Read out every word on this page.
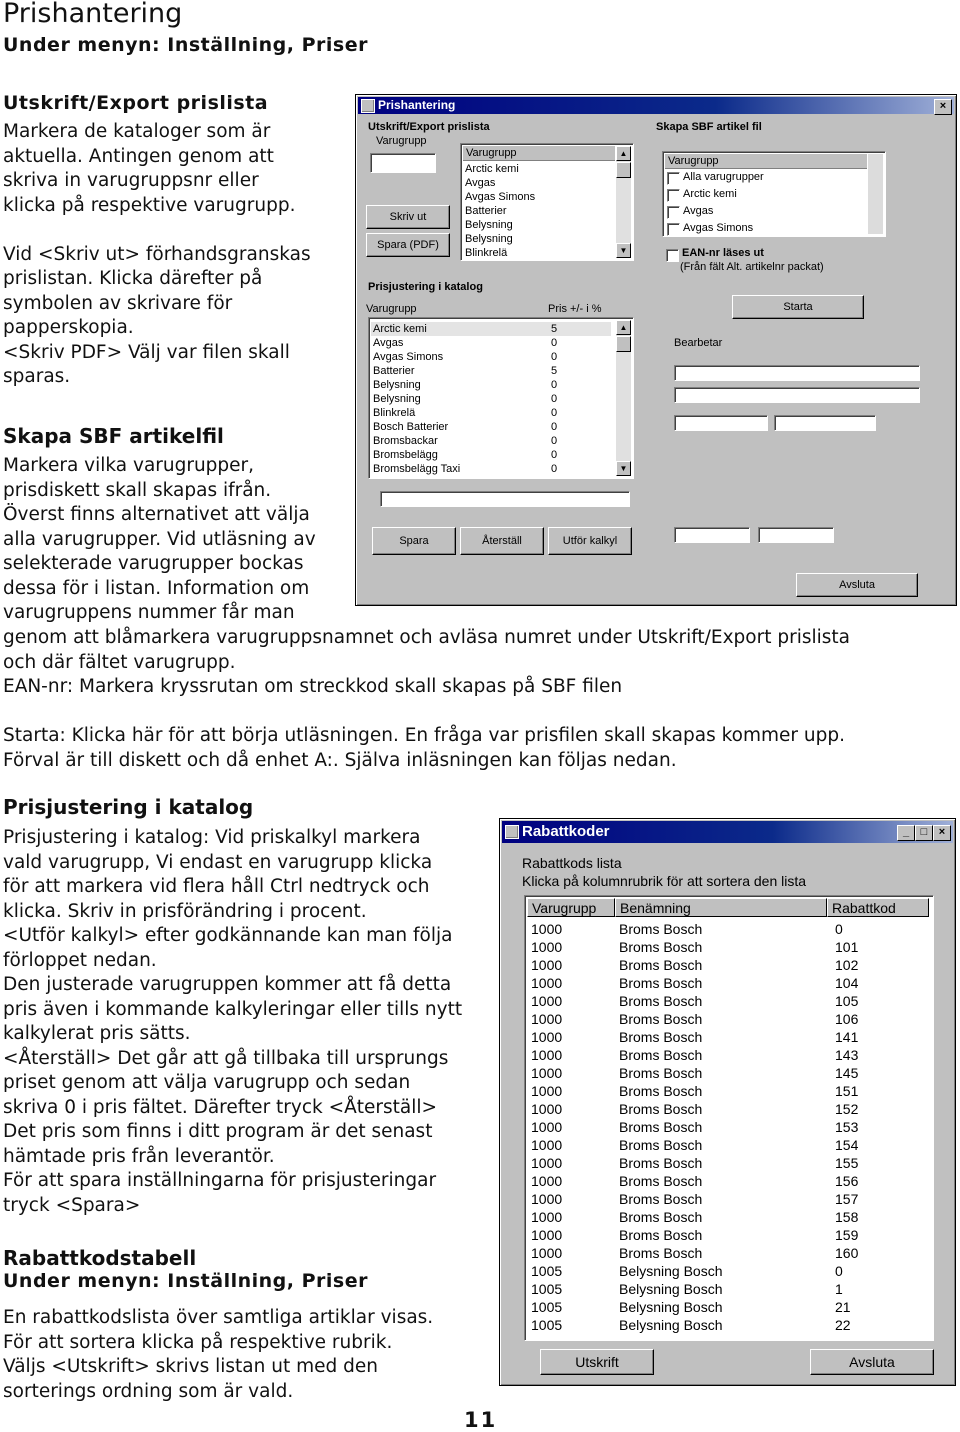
Prishantering
Under menyn: Inställning, Priser
Utskrift/Export prislista
Markera de kataloger som är
aktuella. Antingen genom att
skriva in varugruppsnr eller
klicka på respektive varugrupp.

Vid <Skriv ut> förhandsgranskas
prislistan. Klicka därefter på
symbolen av skrivare för
papperskopia.
<Skriv PDF> Välj var filen skall
sparas.
Skapa SBF artikelfil
Markera vilka varugrupper,
prisdiskett skall skapas ifrån.
Överst finns alternativet att välja
alla varugrupper. Vid utläsning av
selekterade varugrupper bockas
dessa för i listan. Information om
varugruppens nummer får man
genom att blåmarkera varugruppsnamnet och avläsa numret under Utskrift/Export prislista
och där fältet varugrupp.
EAN-nr: Markera kryssrutan om streckkod skall skapas på SBF filen

Starta: Klicka här för att börja utläsningen. En fråga var prisfilen skall skapas kommer upp.
Förval är till diskett och då enhet A:. Själva inläsningen kan följas nedan.
Prishantering	×
Utskrift/Export prislista
Varugrupp
Skriv ut
Spara (PDF)
Varugrupp
Arctic kemi
Avgas
Avgas Simons
Batterier
Belysning
Belysning
Blinkrelä
▲
▼
Skapa SBF artikel fil
Varugrupp
Alla varugrupper
Arctic kemi
Avgas
Avgas Simons
EAN-nr läses ut
(Från fält Alt. artikelnr packat)
Starta
Bearbetar
Prisjustering i katalog
Varugrupp	Pris +/- i %
Arctic kemi	5
Avgas	0
Avgas Simons	0
Batterier	5
Belysning	0
Belysning	0
Blinkrelä	0
Bosch Batterier	0
Bromsbackar	0
Bromsbelägg	0
Bromsbelägg Taxi	0
▲
▼
Spara	Återställ	Utför kalkyl
Avsluta
Prisjustering i katalog
Prisjustering i katalog: Vid priskalkyl markera
vald varugrupp, Vi endast en varugrupp klicka
för att markera vid flera håll Ctrl nedtryck och
klicka. Skriv in prisförändring i procent.
<Utför kalkyl> efter godkännande kan man följa
förloppet nedan.
Den justerade varugruppen kommer att få detta
pris även i kommande kalkyleringar eller tills nytt
kalkylerat pris sätts.
<Återställ> Det går att gå tillbaka till ursprungs
priset genom att välja varugrupp och sedan
skriva 0 i pris fältet. Därefter tryck <Återställ>
Det pris som finns i ditt program är det senast
hämtade pris från leverantör.
För att spara inställningarna för prisjusteringar
tryck <Spara>
Rabattkoder	_	□	×
Rabattkods lista
Klicka på kolumnrubrik för att sortera den lista
Varugrupp	Benämning	Rabattkod
1000	Broms Bosch	0
1000	Broms Bosch	101
1000	Broms Bosch	102
1000	Broms Bosch	104
1000	Broms Bosch	105
1000	Broms Bosch	106
1000	Broms Bosch	141
1000	Broms Bosch	143
1000	Broms Bosch	145
1000	Broms Bosch	151
1000	Broms Bosch	152
1000	Broms Bosch	153
1000	Broms Bosch	154
1000	Broms Bosch	155
1000	Broms Bosch	156
1000	Broms Bosch	157
1000	Broms Bosch	158
1000	Broms Bosch	159
1000	Broms Bosch	160
1005	Belysning Bosch	0
1005	Belysning Bosch	1
1005	Belysning Bosch	21
1005	Belysning Bosch	22
Utskrift	Avsluta
Rabattkodstabell
Under menyn: Inställning, Priser
En rabattkodslista över samtliga artiklar visas.
För att sortera klicka på respektive rubrik.
Väljs <Utskrift> skrivs listan ut med den
sorterings ordning som är vald.
11
